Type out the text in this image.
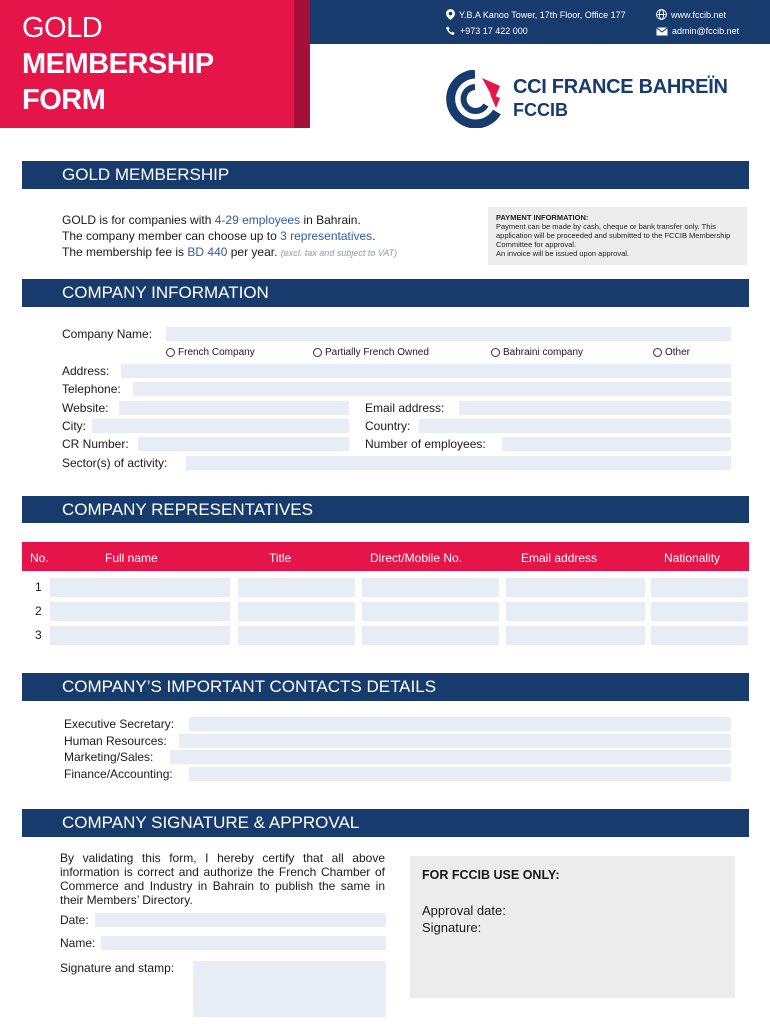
GOLD
MEMBERSHIP
FORM
Y.B.A Kanoo Tower, 17th Floor, Office 177
+973 17 422 000
www.fccib.net
admin@fccib.net
CCI FRANCE BAHREÏN
FCCIB
GOLD MEMBERSHIP
GOLD is for companies with 4-29 employees in Bahrain.
The company member can choose up to 3 representatives.
The membership fee is BD 440 per year. (excl. tax and subject to VAT)
PAYMENT INFORMATION:
Payment can be made by cash, cheque or bank transfer only. This application will be proceeded and submitted to the FCCIB Membership Committee for approval.
An invoice will be issued upon approval.
COMPANY INFORMATION
Company Name:
French Company	Partially French Owned	Bahraini company	Other
Address:
Telephone:
Website:	Email address:
City:	Country:
CR Number:	Number of employees:
Sector(s) of activity:
COMPANY REPRESENTATIVES
No.	Full name	Title	Direct/Mobile No.	Email address	Nationality
1
2
3
COMPANY’S IMPORTANT CONTACTS DETAILS
Executive Secretary:
Human Resources:
Marketing/Sales:
Finance/Accounting:
COMPANY SIGNATURE & APPROVAL
By validating this form, I hereby certify that all above information is correct and authorize the French Chamber of Commerce and Industry in Bahrain to publish the same in their Members’ Directory.
Date:
Name:
Signature and stamp:
FOR FCCIB USE ONLY:
Approval date:
Signature:
